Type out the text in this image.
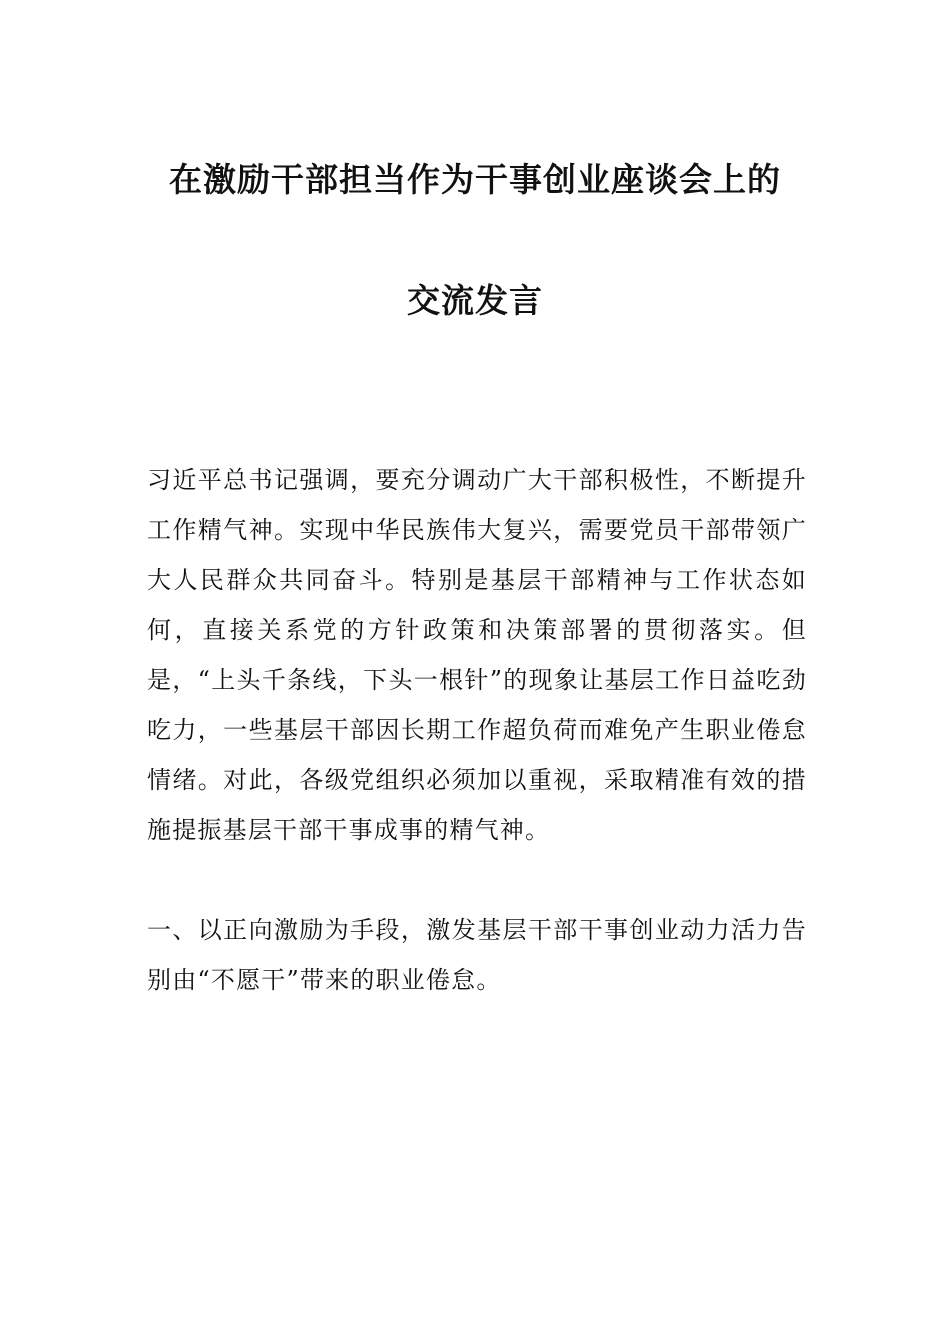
在激励干部担当作为干事创业座谈会上的
交流发言

习近平总书记强调，要充分调动广大干部积极性，不断提升工作精气神。实现中华民族伟大复兴，需要党员干部带领广大人民群众共同奋斗。特别是基层干部精神与工作状态如何，直接关系党的方针政策和决策部署的贯彻落实。但是，“上头千条线，下头一根针”的现象让基层工作日益吃劲吃力，一些基层干部因长期工作超负荷而难免产生职业倦怠情绪。对此，各级党组织必须加以重视，采取精准有效的措施提振基层干部干事成事的精气神。

一、以正向激励为手段，激发基层干部干事创业动力活力告别由“不愿干”带来的职业倦怠。
